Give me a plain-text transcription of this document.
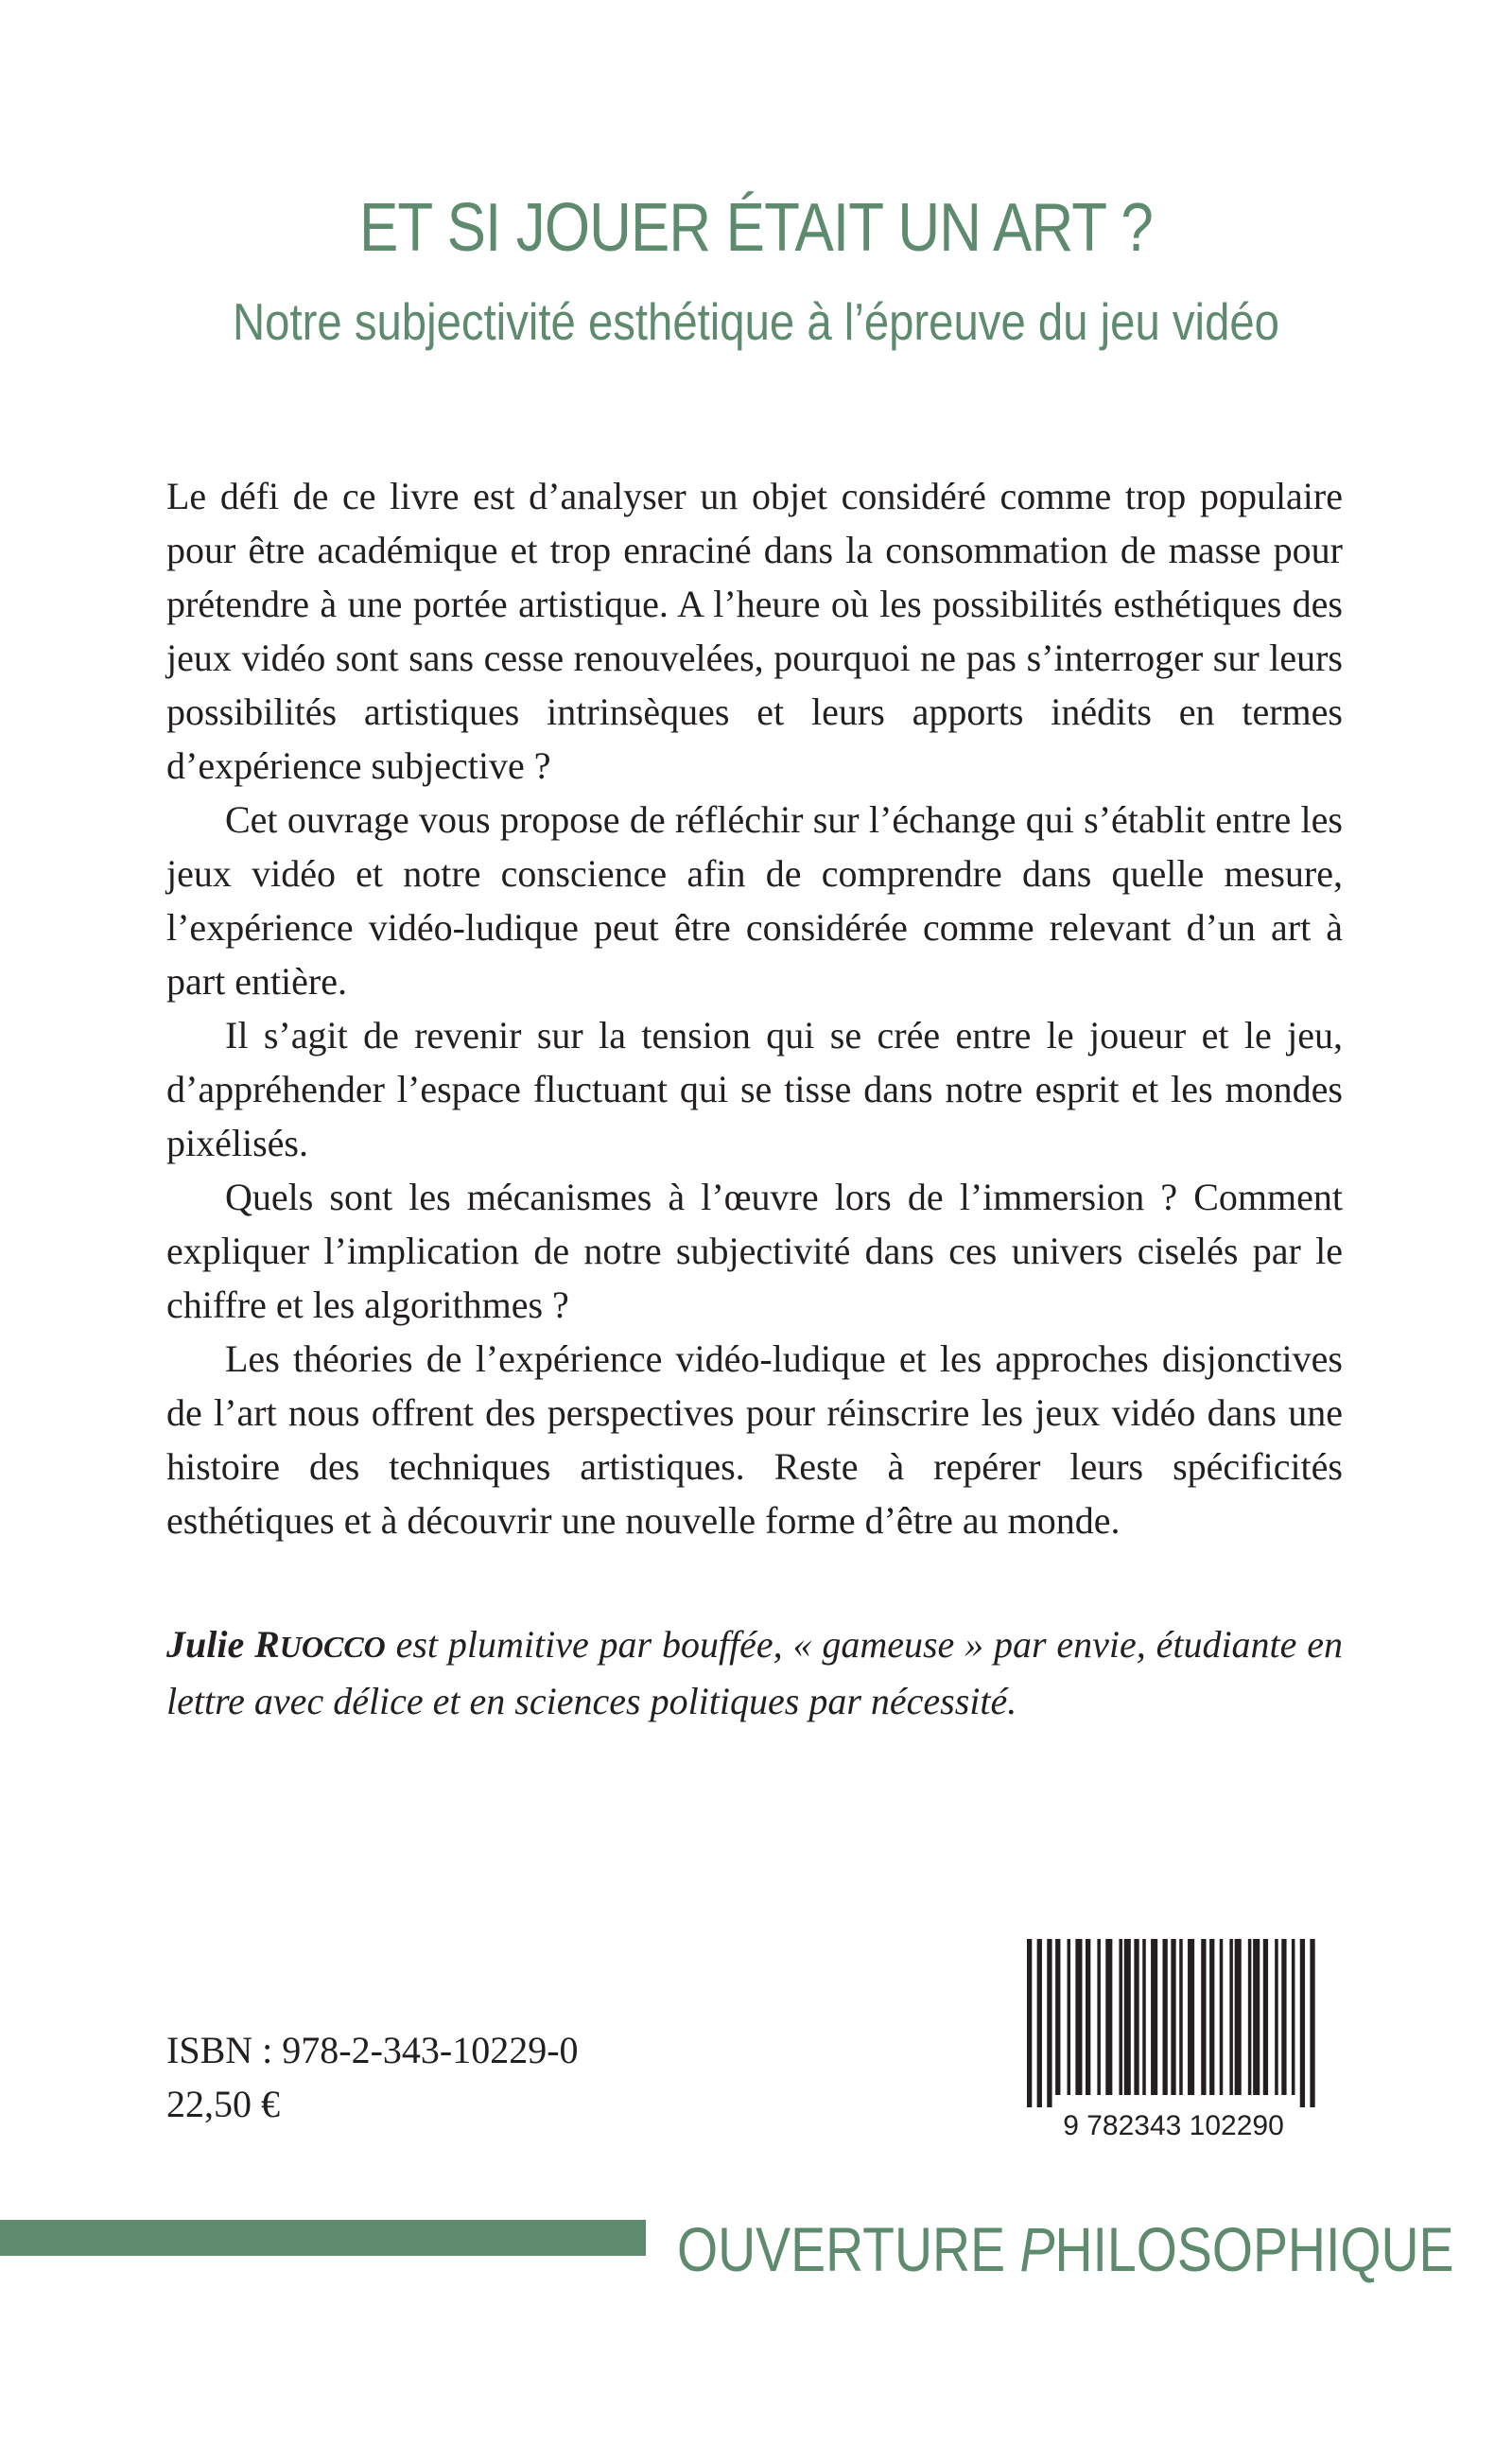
ET SI JOUER ÉTAIT UN ART ?
Notre subjectivité esthétique à l’épreuve du jeu vidéo

Le défi de ce livre est d’analyser un objet considéré comme trop populaire pour être académique et trop enraciné dans la consommation de masse pour prétendre à une portée artistique. A l’heure où les possibilités esthétiques des jeux vidéo sont sans cesse renouvelées, pourquoi ne pas s’interroger sur leurs possibilités artistiques intrinsèques et leurs apports inédits en termes d’expérience subjective ?

Cet ouvrage vous propose de réfléchir sur l’échange qui s’établit entre les jeux vidéo et notre conscience afin de comprendre dans quelle mesure, l’expérience vidéo-ludique peut être considérée comme relevant d’un art à part entière.

Il s’agit de revenir sur la tension qui se crée entre le joueur et le jeu, d’appréhender l’espace fluctuant qui se tisse dans notre esprit et les mondes pixélisés.

Quels sont les mécanismes à l’œuvre lors de l’immersion ? Comment expliquer l’implication de notre subjectivité dans ces univers ciselés par le chiffre et les algorithmes ?

Les théories de l’expérience vidéo-ludique et les approches disjonctives de l’art nous offrent des perspectives pour réinscrire les jeux vidéo dans une histoire des techniques artistiques. Reste à repérer leurs spécificités esthétiques et à découvrir une nouvelle forme d’être au monde.

Julie RUOCCO est plumitive par bouffée, « gameuse » par envie, étudiante en lettre avec délice et en sciences politiques par nécessité.
ISBN : 978-2-343-10229-0
22,50 €
9 782343 102290
OUVERTURE PHILOSOPHIQUE
